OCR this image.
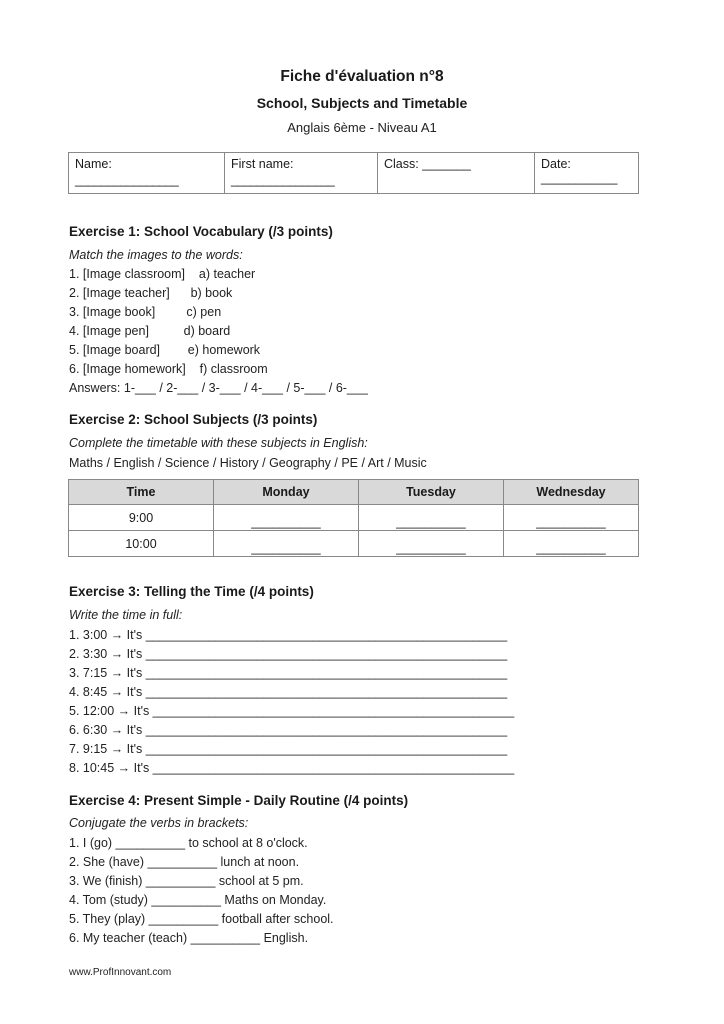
Fiche d'évaluation n°8
School, Subjects and Timetable
Anglais 6ème - Niveau A1
Name:
________________
	First name:
________________
	Class: _______	Date: ___________
Exercise 1: School Vocabulary (/3 points)
Match the images to the words:
1. [Image classroom]    a) teacher
2. [Image teacher]      b) book
3. [Image book]         c) pen
4. [Image pen]          d) board
5. [Image board]        e) homework
6. [Image homework]    f) classroom
Answers: 1-___ / 2-___ / 3-___ / 4-___ / 5-___ / 6-___
Exercise 2: School Subjects (/3 points)
Complete the timetable with these subjects in English:
Maths / English / Science / History / Geography / PE / Art / Music
Time	Monday	Tuesday	Wednesday
9:00	__________	__________	__________
10:00	__________	__________	__________
Exercise 3: Telling the Time (/4 points)
Write the time in full:
1. 3:00 → It's ____________________________________________________
2. 3:30 → It's ____________________________________________________
3. 7:15 → It's ____________________________________________________
4. 8:45 → It's ____________________________________________________
5. 12:00 → It's ____________________________________________________
6. 6:30 → It's ____________________________________________________
7. 9:15 → It's ____________________________________________________
8. 10:45 → It's ____________________________________________________
Exercise 4: Present Simple - Daily Routine (/4 points)
Conjugate the verbs in brackets:
1. I (go) __________ to school at 8 o'clock.
2. She (have) __________ lunch at noon.
3. We (finish) __________ school at 5 pm.
4. Tom (study) __________ Maths on Monday.
5. They (play) __________ football after school.
6. My teacher (teach) __________ English.
www.ProfInnovant.com
